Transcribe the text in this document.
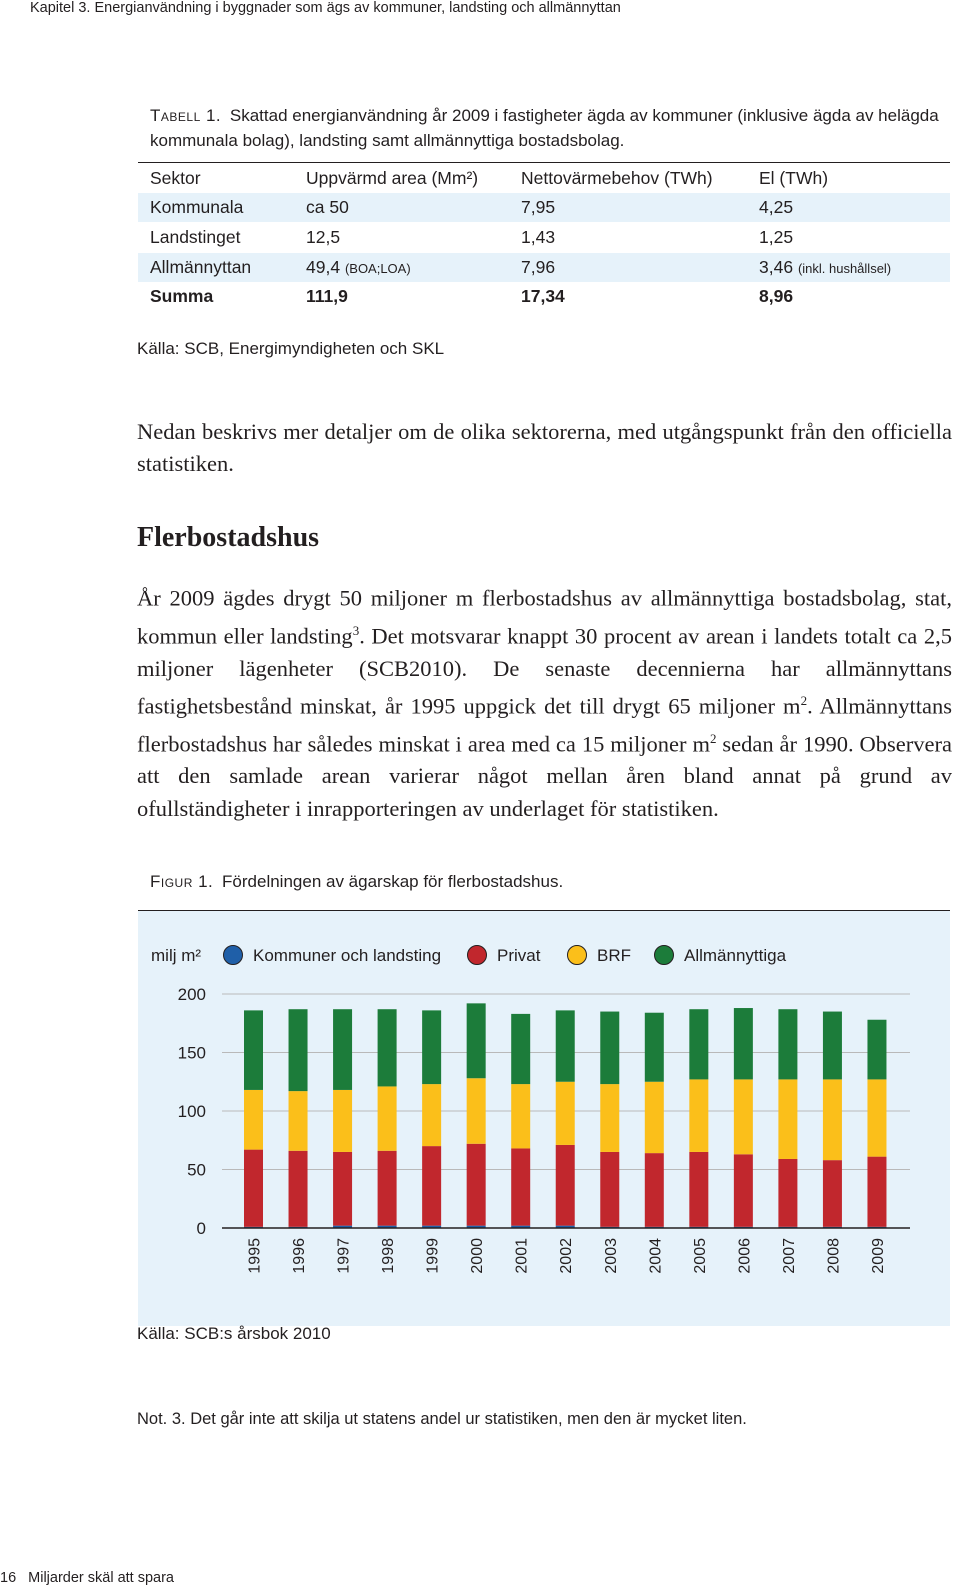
Kapitel 3. Energianvändning i byggnader som ägs av kommuner, landsting och allmännyttan
Tabell 1. Skattad energianvändning år 2009 i fastigheter ägda av kommuner (inklusive ägda av helägda kommunala bolag), landsting samt allmännyttiga bostadsbolag.
Sektor	Uppvärmd area (Mm²)	Nettovärmebehov (TWh)	El (TWh)
Kommunala	ca 50	7,95	4,25

Landstinget	12,5	1,43	1,25

Allmännyttan	49,4 (BOA;LOA)	7,96	3,46 (inkl. hushållsel)
Summa	111,9	17,34	8,96
Källa: SCB, Energimyndigheten och SKL
Nedan beskrivs mer detaljer om de olika sektorerna, med utgångspunkt från den officiella statistiken.
Flerbostadshus
År 2009 ägdes drygt 50 miljoner m flerbostadshus av allmännyttiga bostadsbolag, stat, kommun eller landsting$^3$. Det motsvarar knappt 30 procent av arean i landets totalt ca 2,5 miljoner lägenheter (SCB2010). De senaste decennierna har allmännyttans fastighetsbestånd minskat, år 1995 uppgick det till drygt 65 miljoner $m^2$. Allmännyttans flerbostadshus har således minskat i area med ca 15 miljoner $m^2$ sedan år 1990. Observera att den samlade arean varierar något mellan åren bland annat på grund av ofullständigheter i inrapporteringen av underlaget för statistiken.
Figur 1. Fördelningen av ägarskap för flerbostadshus.
milj m²	Kommuner och landsting	Privat	BRF	Allmännyttiga
0
50
100
150
200
1995 1996 1997 1998 1999 2000 2001 2002 2003 2004 2005 2006 2007 2008 2009
Källa: SCB:s årsbok 2010
Not. 3. Det går inte att skilja ut statens andel ur statistiken, men den är mycket liten.
16 Miljarder skäl att spara
